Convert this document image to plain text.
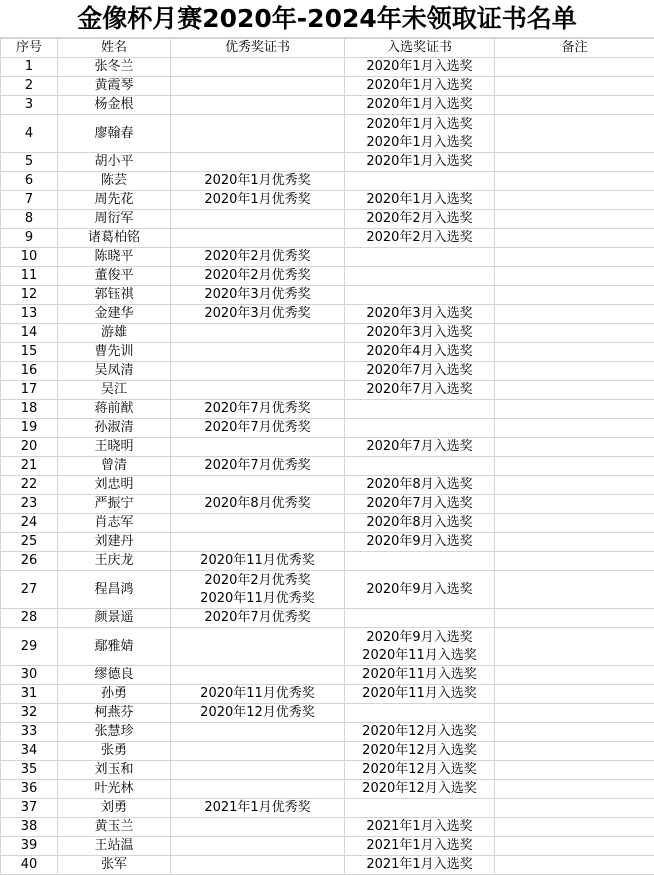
金像杯月赛2020年-2024年未领取证书名单
序号	姓名	优秀奖证书	入选奖证书	备注
1	张冬兰		2020年1月入选奖	

2	黄霞琴		2020年1月入选奖	

3	杨金根		2020年1月入选奖	

4	廖翰春		2020年1月入选奖
2020年1月入选奖	

5	胡小平		2020年1月入选奖	

6	陈芸	2020年1月优秀奖		

7	周先花	2020年1月优秀奖	2020年1月入选奖	

8	周衍军		2020年2月入选奖	

9	诸葛柏铭		2020年2月入选奖	

10	陈晓平	2020年2月优秀奖		

11	董俊平	2020年2月优秀奖		

12	郭钰祺	2020年3月优秀奖		

13	金建华	2020年3月优秀奖	2020年3月入选奖	

14	游雄		2020年3月入选奖	

15	曹先训		2020年4月入选奖	

16	吴凤清		2020年7月入选奖	

17	吴江		2020年7月入选奖	

18	蒋前猷	2020年7月优秀奖		

19	孙淑清	2020年7月优秀奖		

20	王晓明		2020年7月入选奖	

21	曾清	2020年7月优秀奖		

22	刘忠明		2020年8月入选奖	

23	严振宁	2020年8月优秀奖	2020年7月入选奖	

24	肖志军		2020年8月入选奖	

25	刘建丹		2020年9月入选奖	

26	王庆龙	2020年11月优秀奖		

27	程昌鸿	2020年2月优秀奖
2020年11月优秀奖	2020年9月入选奖	

28	颜景遥	2020年7月优秀奖		

29	鄢雅婧		2020年9月入选奖
2020年11月入选奖	

30	缪德良		2020年11月入选奖	

31	孙勇	2020年11月优秀奖	2020年11月入选奖	

32	柯燕芬	2020年12月优秀奖		

33	张慧珍		2020年12月入选奖	

34	张勇		2020年12月入选奖	

35	刘玉和		2020年12月入选奖	

36	叶光林		2020年12月入选奖	

37	刘勇	2021年1月优秀奖		

38	黄玉兰		2021年1月入选奖	

39	王站温		2021年1月入选奖	

40	张军		2021年1月入选奖	
